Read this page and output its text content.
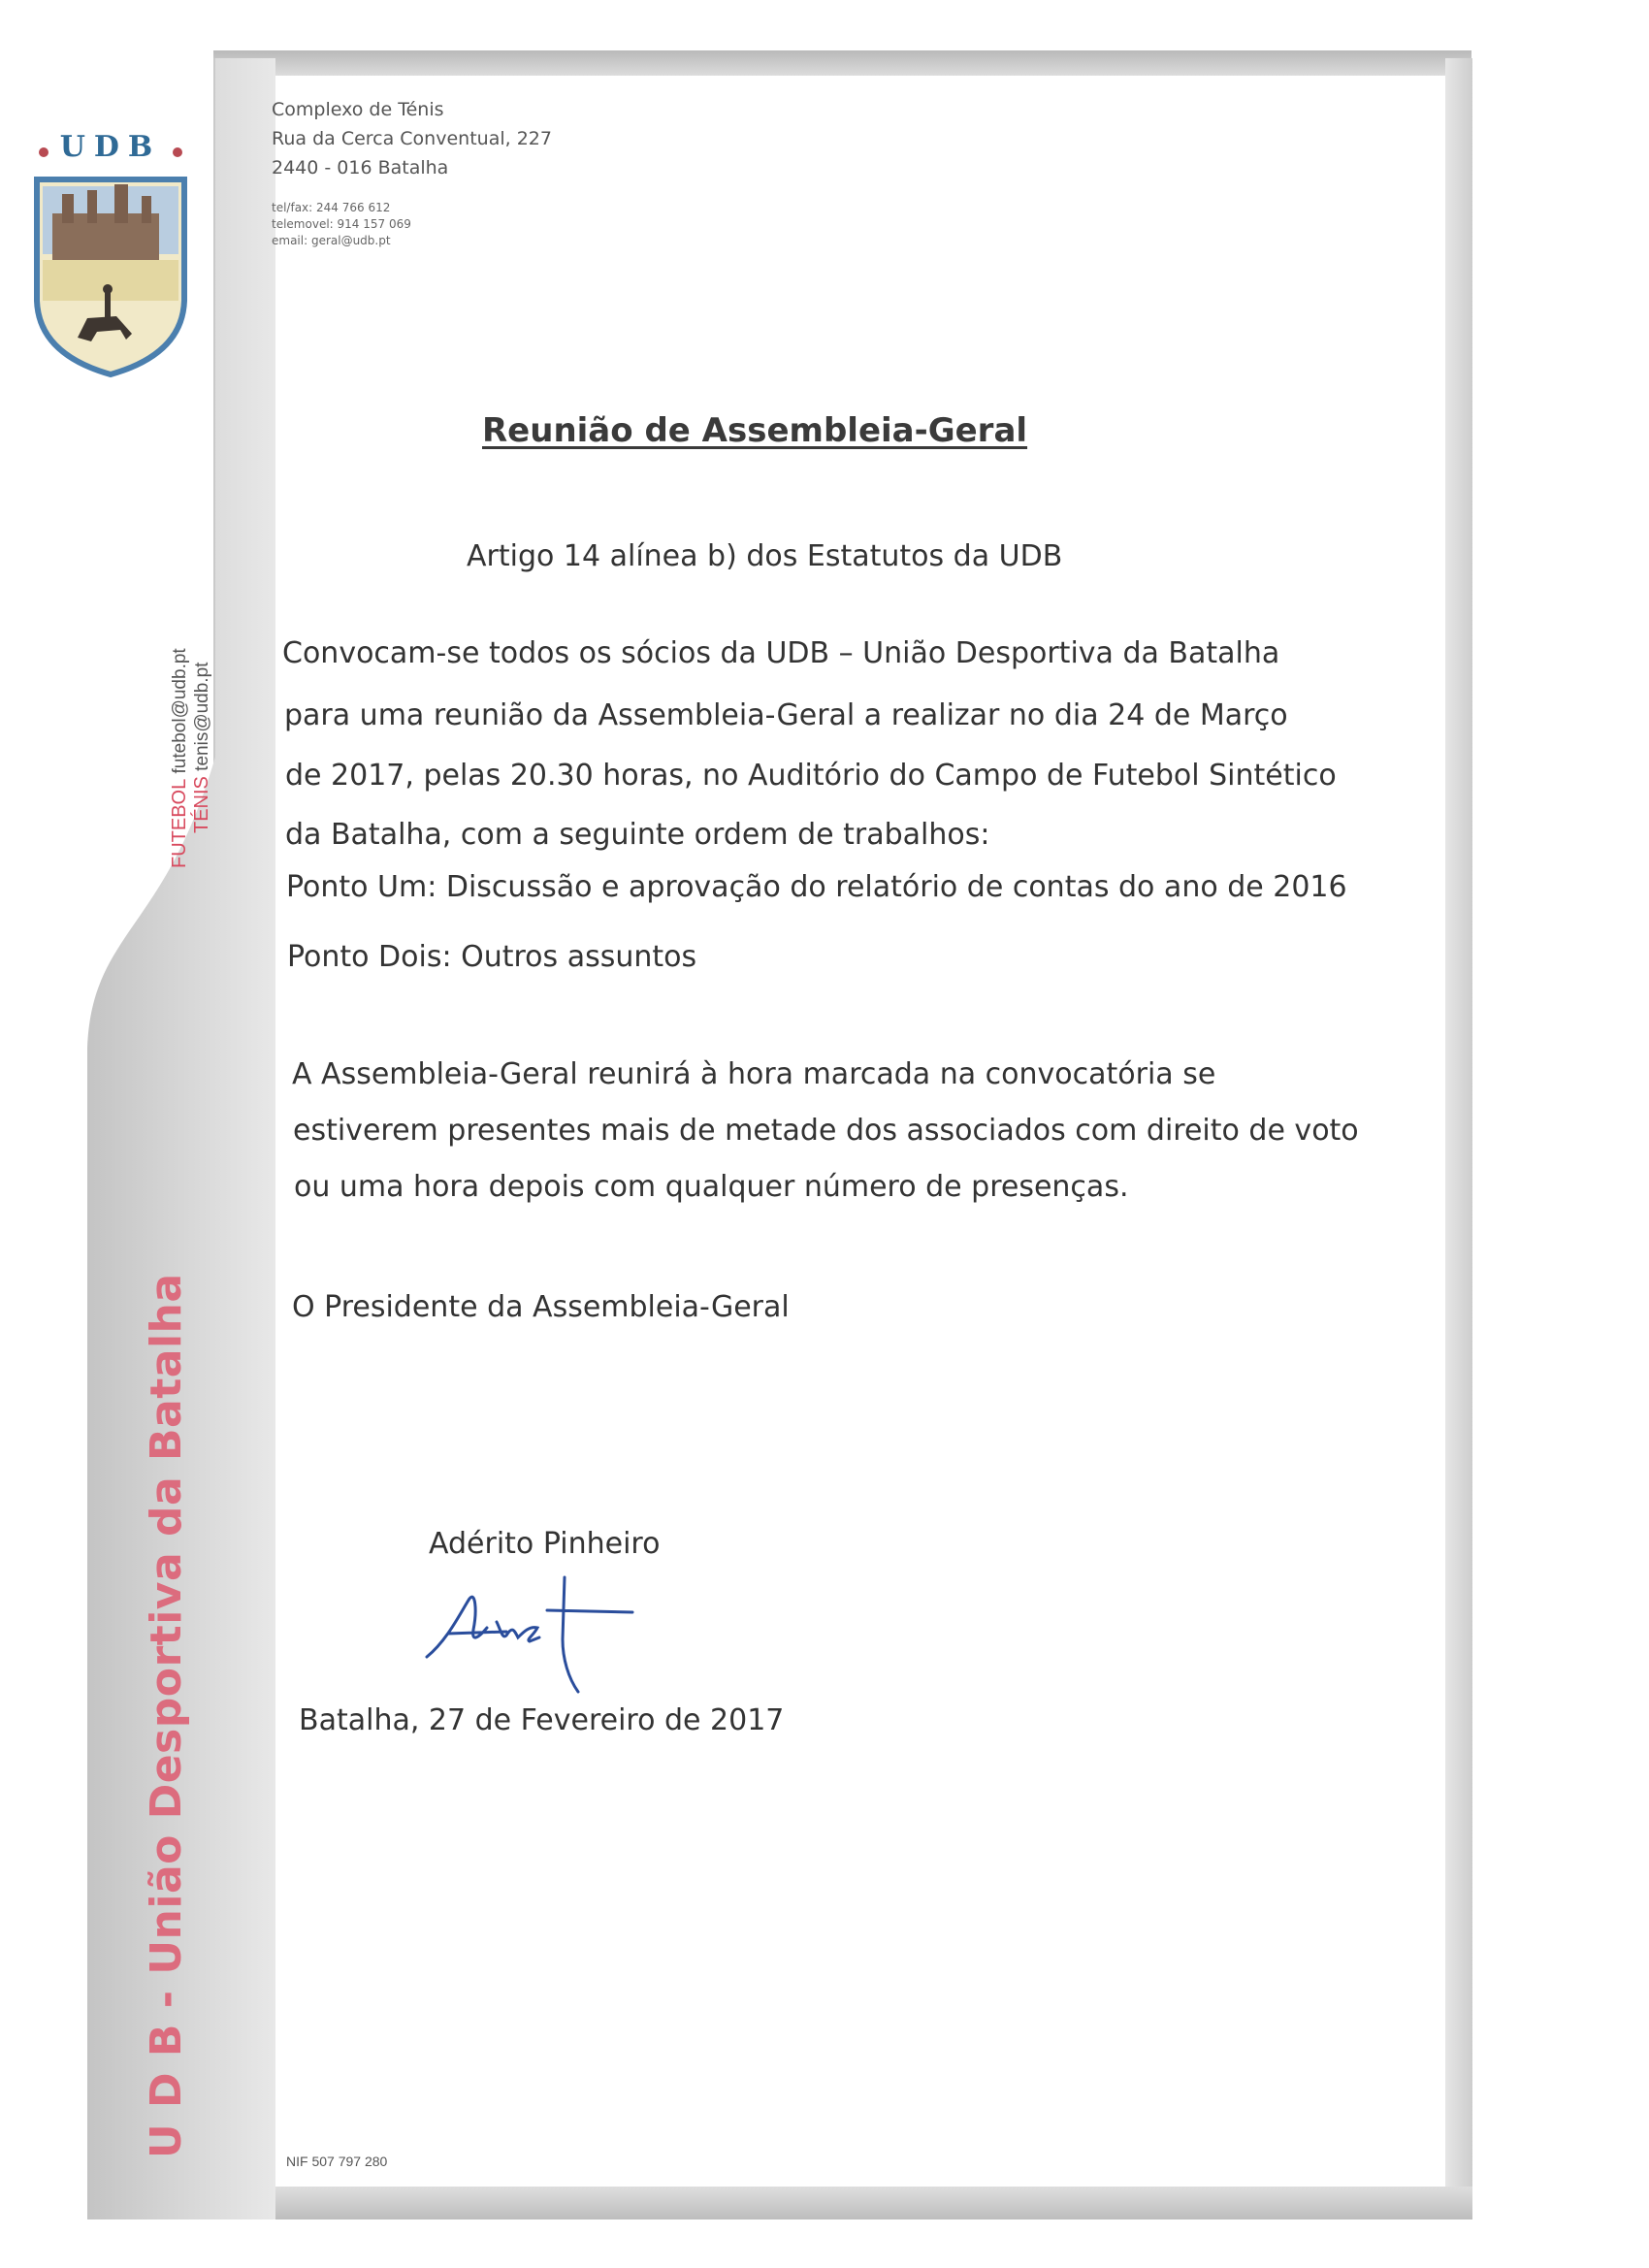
UDB
Complexo de Ténis
Rua da Cerca Conventual, 227
2440 - 016 Batalha
tel/fax: 244 766 612
telemovel: 914 157 069
email: geral@udb.pt
FUTEBOL futebol@udb.pt
TÉNIS tenis@udb.pt
U D B - União Desportiva da Batalha
Reunião de Assembleia-Geral
Artigo 14 alínea b) dos Estatutos da UDB
Convocam-se todos os sócios da UDB – União Desportiva da Batalha
para uma reunião da Assembleia-Geral a realizar no dia 24 de Março
de 2017, pelas 20.30 horas, no Auditório do Campo de Futebol Sintético
da Batalha, com a seguinte ordem de trabalhos:
Ponto Um: Discussão e aprovação do relatório de contas do ano de 2016
Ponto Dois: Outros assuntos
A Assembleia-Geral reunirá à hora marcada na convocatória se
estiverem presentes mais de metade dos associados com direito de voto
ou uma hora depois com qualquer número de presenças.
O Presidente da Assembleia-Geral
Adérito Pinheiro
Batalha, 27 de Fevereiro de 2017
NIF 507 797 280
